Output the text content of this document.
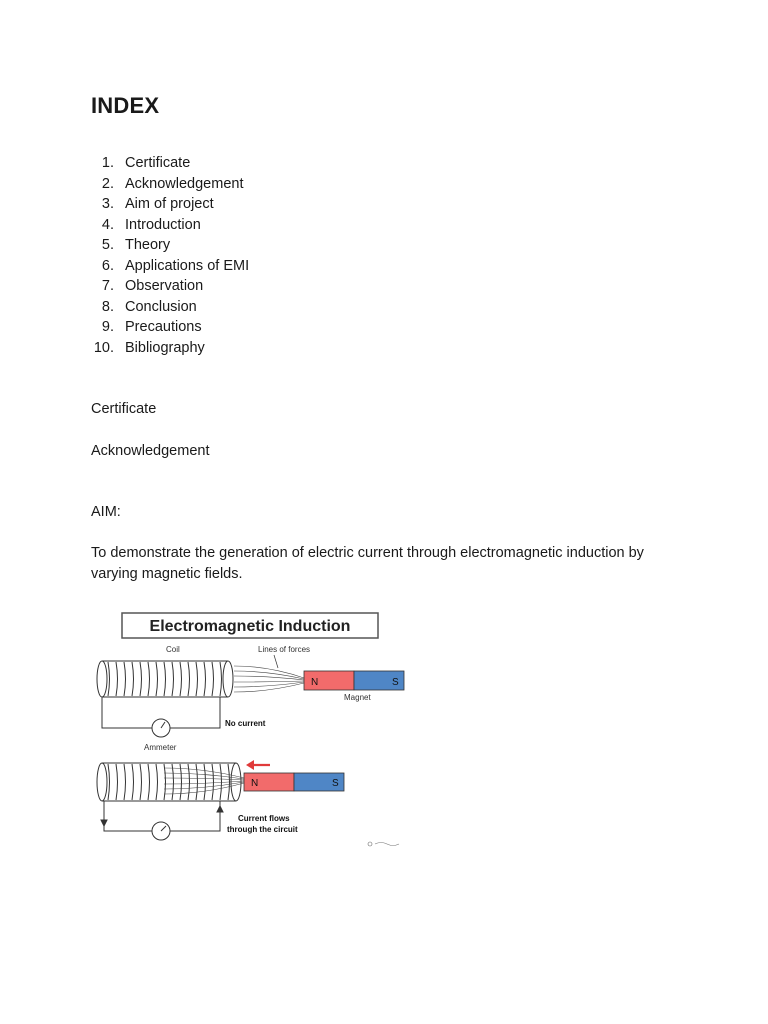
INDEX
1. Certificate
2. Acknowledgement
3. Aim of project
4. Introduction
5. Theory
6. Applications of EMI
7. Observation
8. Conclusion
9. Precautions
10. Bibliography

Certificate

Acknowledgement

AIM:

To demonstrate the generation of electric current through electromagnetic induction by varying magnetic fields.

Electromagnetic Induction
Coil	Lines of forces
N	S
Magnet
No current
Ammeter
N	S
Current flows
through the circuit
